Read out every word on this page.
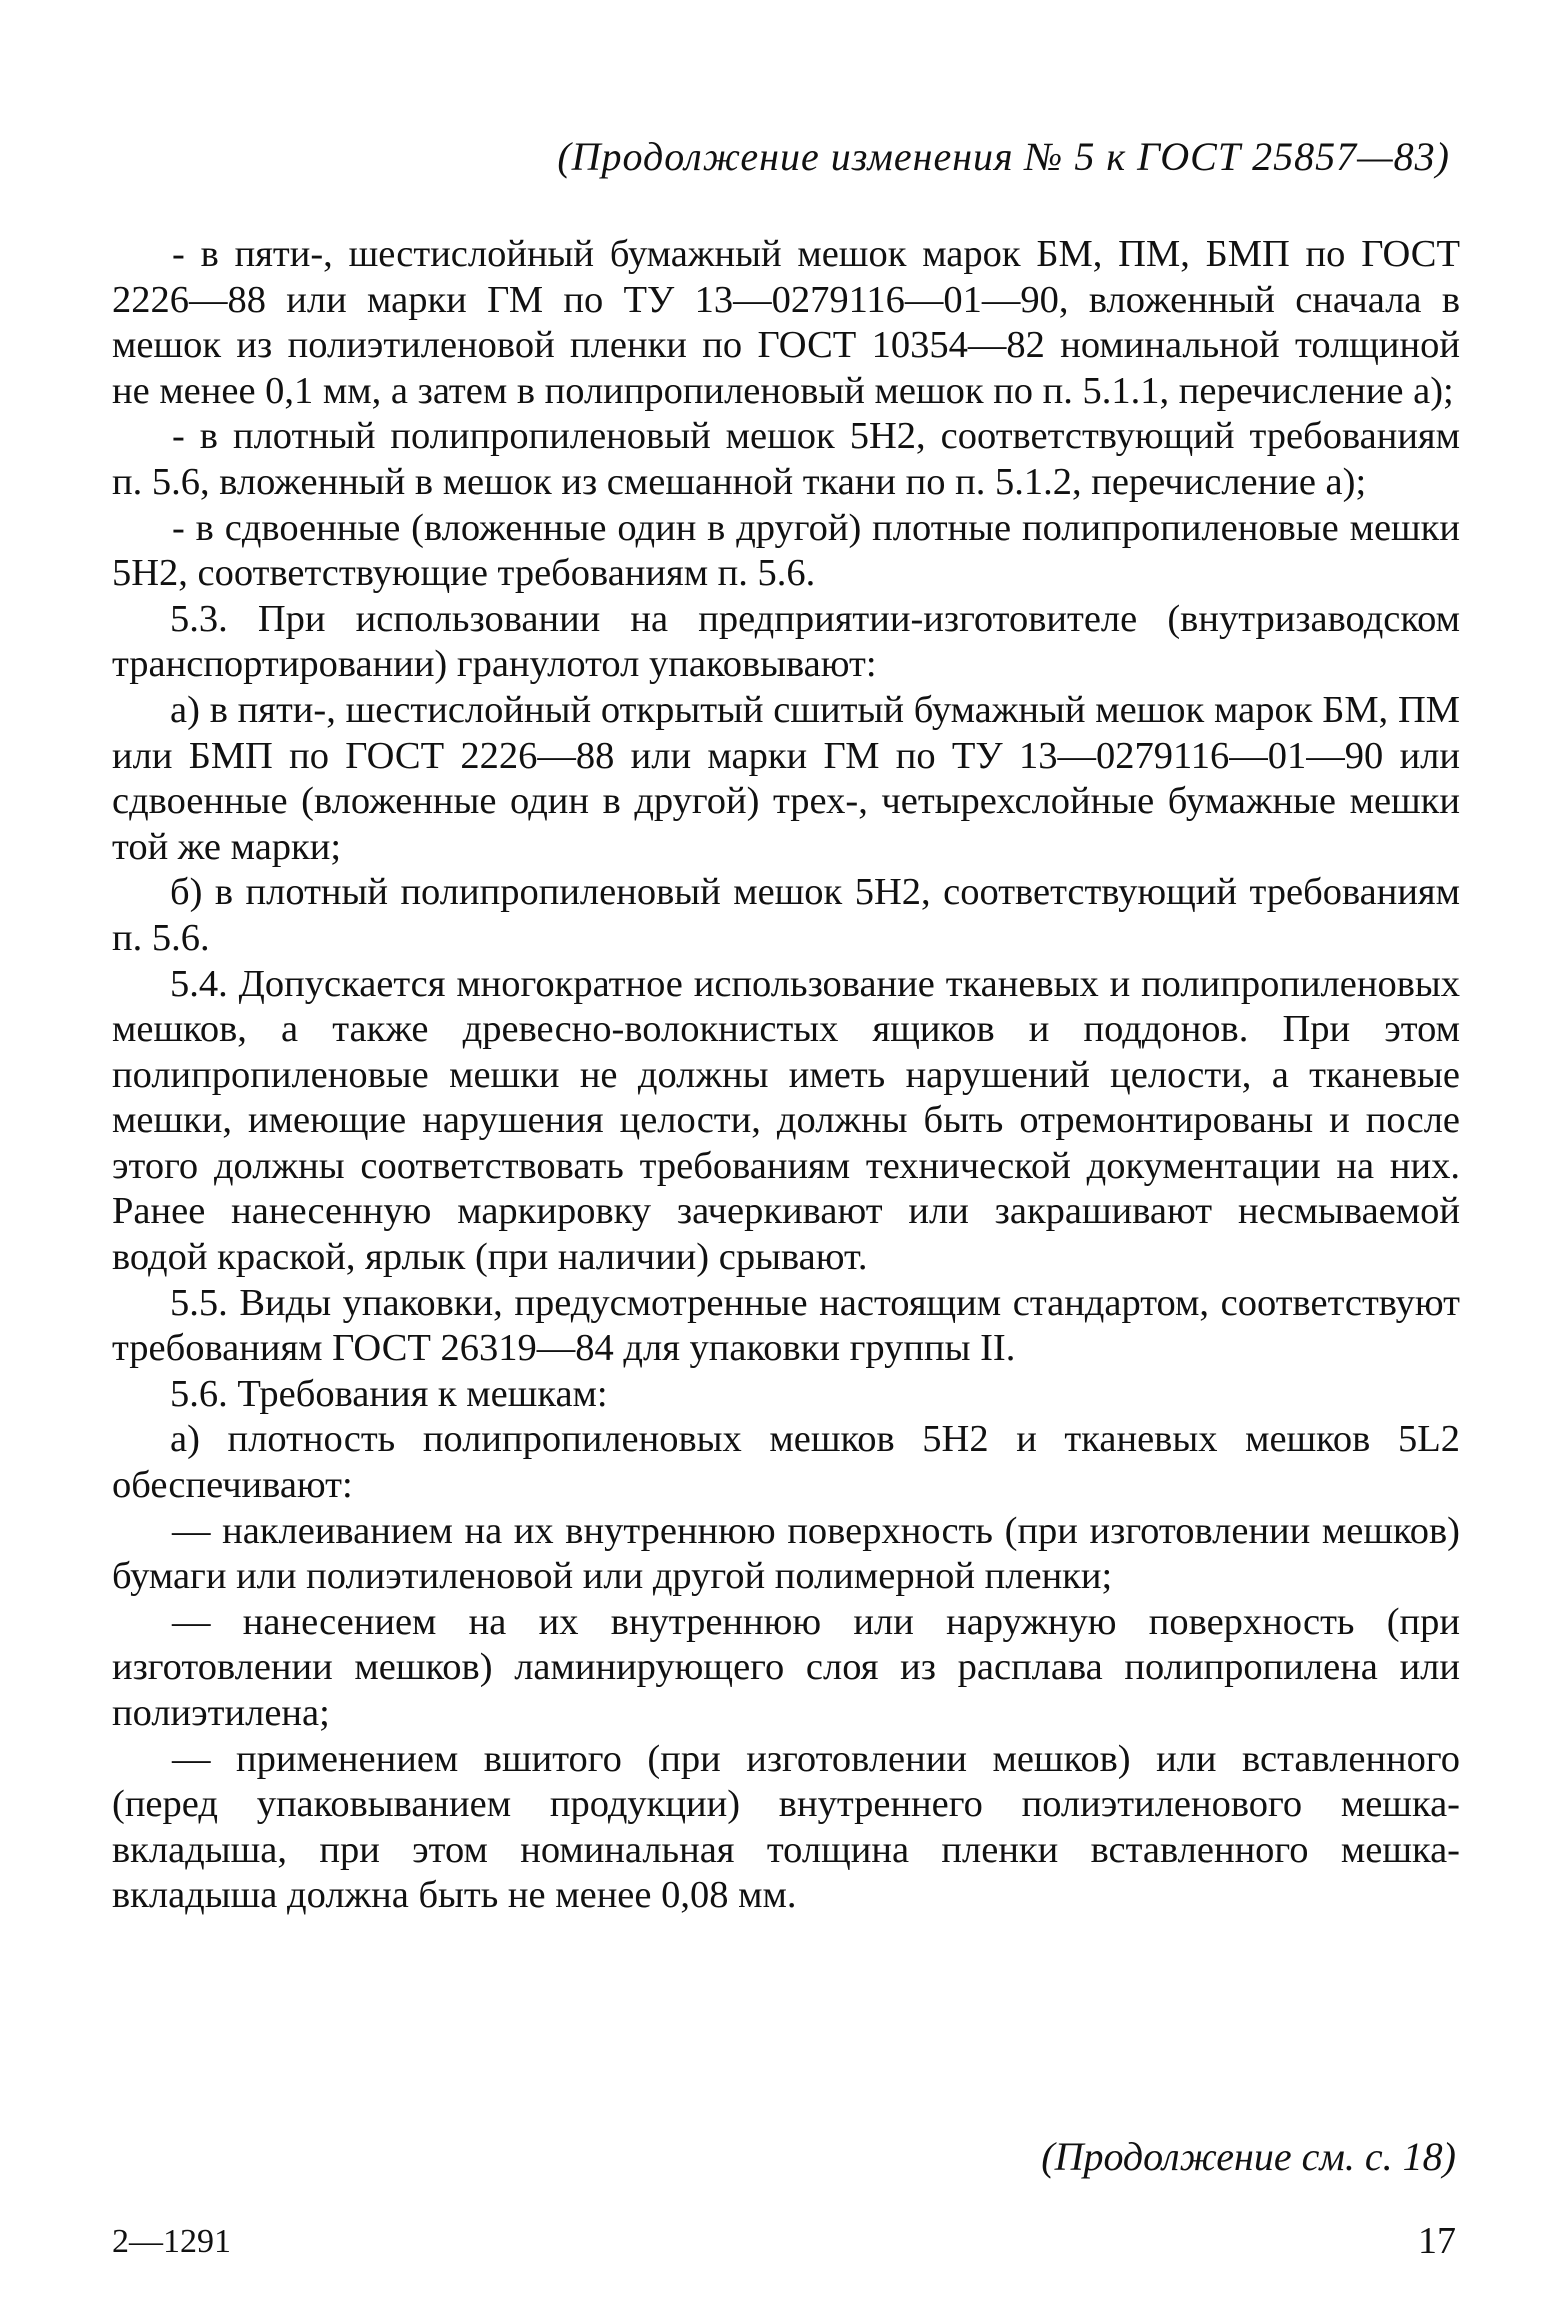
(Продолжение изменения № 5 к ГОСТ 25857—83)

- в пяти-, шестислойный бумажный мешок марок БМ, ПМ, БМП по ГОСТ 2226—88 или марки ГМ по ТУ 13—0279116—01—90, вложенный сначала в мешок из полиэтиленовой пленки по ГОСТ 10354—82 номинальной толщиной не менее 0,1 мм, а затем в полипропиленовый мешок по п. 5.1.1, перечисление а);

- в плотный полипропиленовый мешок 5Н2, соответствующий требованиям п. 5.6, вложенный в мешок из смешанной ткани по п. 5.1.2, перечисление а);

- в сдвоенные (вложенные один в другой) плотные полипропиленовые мешки 5Н2, соответствующие требованиям п. 5.6.

5.3. При использовании на предприятии-изготовителе (внутризаводском транспортировании) гранулотол упаковывают:

а) в пяти-, шестислойный открытый сшитый бумажный мешок марок БМ, ПМ или БМП по ГОСТ 2226—88 или марки ГМ по ТУ 13—0279116—01—90 или сдвоенные (вложенные один в другой) трех-, четырехслойные бумажные мешки той же марки;

б) в плотный полипропиленовый мешок 5Н2, соответствующий требованиям п. 5.6.

5.4. Допускается многократное использование тканевых и полипропиленовых мешков, а также древесно-волокнистых ящиков и поддонов. При этом полипропиленовые мешки не должны иметь нарушений целости, а тканевые мешки, имеющие нарушения целости, должны быть отремонтированы и после этого должны соответствовать требованиям технической документации на них. Ранее нанесенную маркировку зачеркивают или закрашивают несмываемой водой краской, ярлык (при наличии) срывают.

5.5. Виды упаковки, предусмотренные настоящим стандартом, соответствуют требованиям ГОСТ 26319—84 для упаковки группы II.

5.6. Требования к мешкам:

а) плотность полипропиленовых мешков 5Н2 и тканевых мешков 5L2 обеспечивают:

— наклеиванием на их внутреннюю поверхность (при изготовлении мешков) бумаги или полиэтиленовой или другой полимерной пленки;

— нанесением на их внутреннюю или наружную поверхность (при изготовлении мешков) ламинирующего слоя из расплава полипропилена или полиэтилена;

— применением вшитого (при изготовлении мешков) или вставленного (перед упаковыванием продукции) внутреннего полиэтиленового мешка-вкладыша, при этом номинальная толщина пленки вставленного мешка-вкладыша должна быть не менее 0,08 мм.

(Продолжение см. с. 18)
2—1291	17
